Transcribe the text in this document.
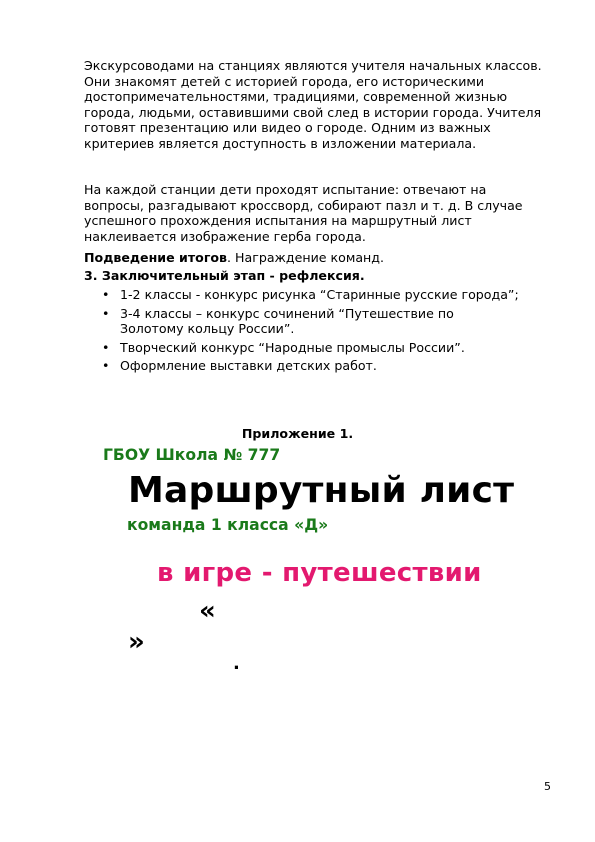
Экскурсоводами на станциях являются учителя начальных классов. Они знакомят детей с историей города, его историческими достопримечательностями, традициями, современной жизнью города, людьми, оставившими свой след в истории города. Учителя готовят презентацию или видео о городе. Одним из важных критериев является доступность в изложении материала.

На каждой станции дети проходят испытание: отвечают на вопросы, разгадывают кроссворд, собирают пазл и т. д. В случае успешного прохождения испытания на маршрутный лист наклеивается изображение герба города.

Подведение итогов. Награждение команд.
3. Заключительный этап - рефлексия.
• 1-2 классы - конкурс рисунка “Старинные русские города”;
• 3-4 классы – конкурс сочинений “Путешествие по Золотому кольцу России”.
• Творческий конкурс “Народные промыслы России”.
• Оформление выставки детских работ.
Приложение 1.
ГБОУ Школа № 777
Маршрутный лист
команда 1 класса «Д»
в игре - путешествии
«
»
.
5
